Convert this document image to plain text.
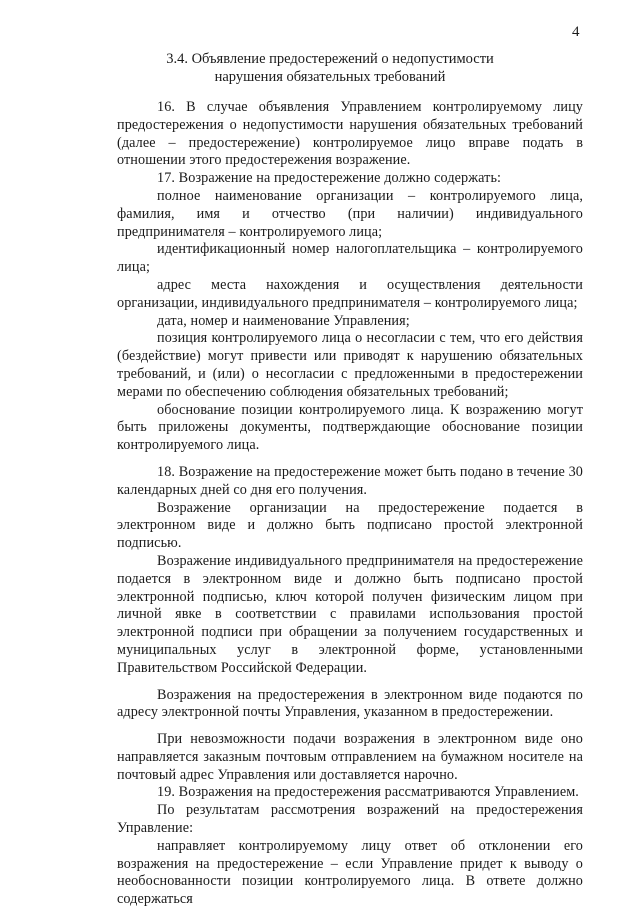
4
3.4. Объявление предостережений о недопустимости
нарушения обязательных требований

16. В случае объявления Управлением контролируемому лицу предостережения о недопустимости нарушения обязательных требований (далее – предостережение) контролируемое лицо вправе подать в отношении этого предостережения возражение.

17. Возражение на предостережение должно содержать:

полное наименование организации – контролируемого лица, фамилия, имя и отчество (при наличии) индивидуального предпринимателя – контролируемого лица;

идентификационный номер налогоплательщика – контролируемого лица;

адрес места нахождения и осуществления деятельности организации, индивидуального предпринимателя – контролируемого лица;

дата, номер и наименование Управления;

позиция контролируемого лица о несогласии с тем, что его действия (бездействие) могут привести или приводят к нарушению обязательных требований, и (или) о несогласии с предложенными в предостережении мерами по обеспечению соблюдения обязательных требований;

обоснование позиции контролируемого лица. К возражению могут быть приложены документы, подтверждающие обоснование позиции контролируемого лица.

18. Возражение на предостережение может быть подано в течение 30 календарных дней со дня его получения.

Возражение организации на предостережение подается в электронном виде и должно быть подписано простой электронной подписью.

Возражение индивидуального предпринимателя на предостережение подается в электронном виде и должно быть подписано простой электронной подписью, ключ которой получен физическим лицом при личной явке в соответствии с правилами использования простой электронной подписи при обращении за получением государственных и муниципальных услуг в электронной форме, установленными Правительством Российской Федерации.

Возражения на предостережения в электронном виде подаются по адресу электронной почты Управления, указанном в предостережении.

При невозможности подачи возражения в электронном виде оно направляется заказным почтовым отправлением на бумажном носителе на почтовый адрес Управления или доставляется нарочно.

19. Возражения на предостережения рассматриваются Управлением.

По результатам рассмотрения возражений на предостережения Управление:

направляет контролируемому лицу ответ об отклонении его возражения на предостережение – если Управление придет к выводу о необоснованности позиции контролируемого лица. В ответе должно содержаться
